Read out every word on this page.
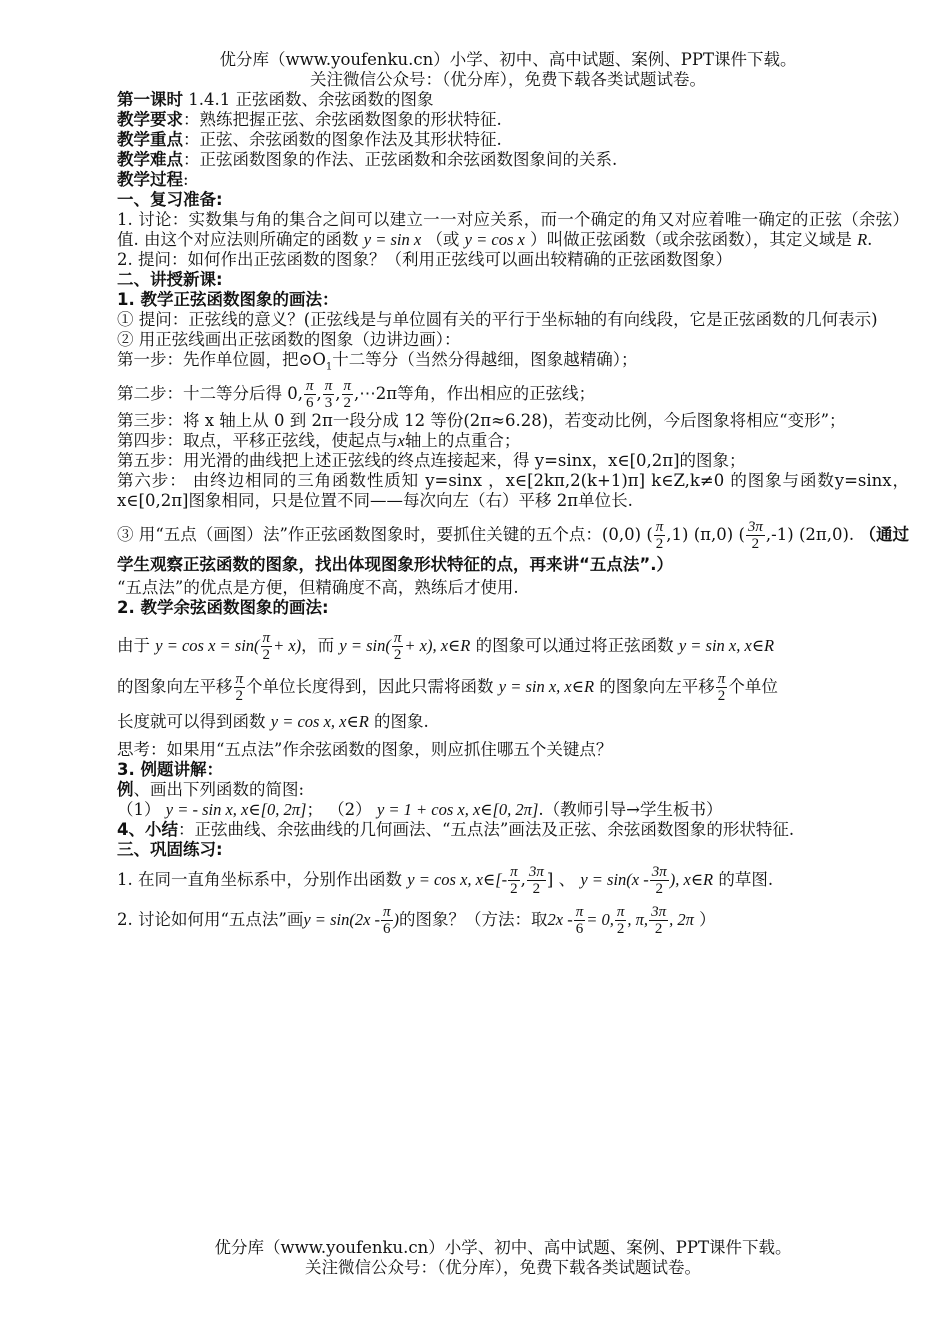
优分库（www.youfenku.cn）小学、初中、高中试题、案例、PPT课件下载。
关注微信公众号：（优分库），免费下载各类试题试卷。

第一课时 1.4.1 正弦函数、余弦函数的图象

教学要求：熟练把握正弦、余弦函数图象的形状特征.

教学重点：正弦、余弦函数的图象作法及其形状特征.

教学难点：正弦函数图象的作法、正弦函数和余弦函数图象间的关系.

教学过程:

一、复习准备:

1. 讨论：实数集与角的集合之间可以建立一一对应关系，而一个确定的角又对应着唯一确定的正弦（余弦）值. 由这个对应法则所确定的函数 y = sin x （或 y = cos x ）叫做正弦函数（或余弦函数），其定义域是 R.

2. 提问：如何作出正弦函数的图象？（利用正弦线可以画出较精确的正弦函数图象）

二、讲授新课:

1. 教学正弦函数图象的画法：

① 提问：正弦线的意义？(正弦线是与单位圆有关的平行于坐标轴的有向线段，它是正弦函数的几何表示)

② 用正弦线画出正弦函数的图象（边讲边画）：

第一步：先作单位圆，把$⊙O_1$十二等分（当然分得越细，图象越精确）；

第二步：十二等分后得 0, $\frac{\pi}{6}$ , $\frac{\pi}{3}$ , $\frac{\pi}{2}$ ,⋯2π等角，作出相应的正弦线；

第三步：将 x 轴上从 0 到 2π一段分成 12 等份(2π≈6.28)，若变动比例，今后图象将相应“变形”；

第四步：取点，平移正弦线，使起点与x轴上的点重合；

第五步：用光滑的曲线把上述正弦线的终点连接起来，得 y=sinx，x∈[0,2π]的图象；

第六步： 由终边相同的三角函数性质知 y=sinx ，x∈[2kπ,2(k+1)π] k∈Z,k≠0 的图象与函数y=sinx， x∈[0,2π]图象相同，只是位置不同——每次向左（右）平移 2π单位长.

③ 用“五点（画图）法”作正弦函数图象时，要抓住关键的五个点：(0,0) ( $\frac{\pi}{2} ,1$) (π,0) ( $\frac{3\pi}{2} ,-1$) (2π,0). （通过学生观察正弦函数的图象，找出体现图象形状特征的点，再来讲“五点法”.）

“五点法”的优点是方便，但精确度不高，熟练后才使用.

2. 教学余弦函数图象的画法:

由于 $y = \cos x = \sin( \frac{\pi}{2} + x)$，而 $y = \sin( \frac{\pi}{2} + x)$, x∈R 的图象可以通过将正弦函数 y = sin x, x∈R

的图象向左平移 $\frac{\pi}{2}$ 个单位长度得到，因此只需将函数 y = sin x, x∈R 的图象向左平移 $\frac{\pi}{2}$ 个单位

长度就可以得到函数 y = cos x, x∈R 的图象.

思考：如果用“五点法”作余弦函数的图象，则应抓住哪五个关键点？

3. 例题讲解：

例、画出下列函数的简图:

（1） y = - sin x, x∈[0, 2π]； （2） y = 1 + cos x, x∈[0, 2π].（教师引导→学生板书）

4、小结：正弦曲线、余弦曲线的几何画法、“五点法”画法及正弦、余弦函数图象的形状特征.

三、巩固练习:

1. 在同一直角坐标系中，分别作出函数 y = cos x, x∈[- $\frac{\pi}{2}$ , $\frac{3\pi}{2}$ ] 、 $y = \sin(x - \frac{3\pi}{2}$ ), x∈R 的草图.

2. 讨论如何用“五点法”画$y = \sin(2x - \frac{\pi}{6}$ )的图象？（方法：取$2x - \frac{\pi}{6} = 0$, $\frac{\pi}{2}$ , π, $\frac{3\pi}{2}$ , 2π ）

优分库（www.youfenku.cn）小学、初中、高中试题、案例、PPT课件下载。
关注微信公众号：（优分库），免费下载各类试题试卷。
